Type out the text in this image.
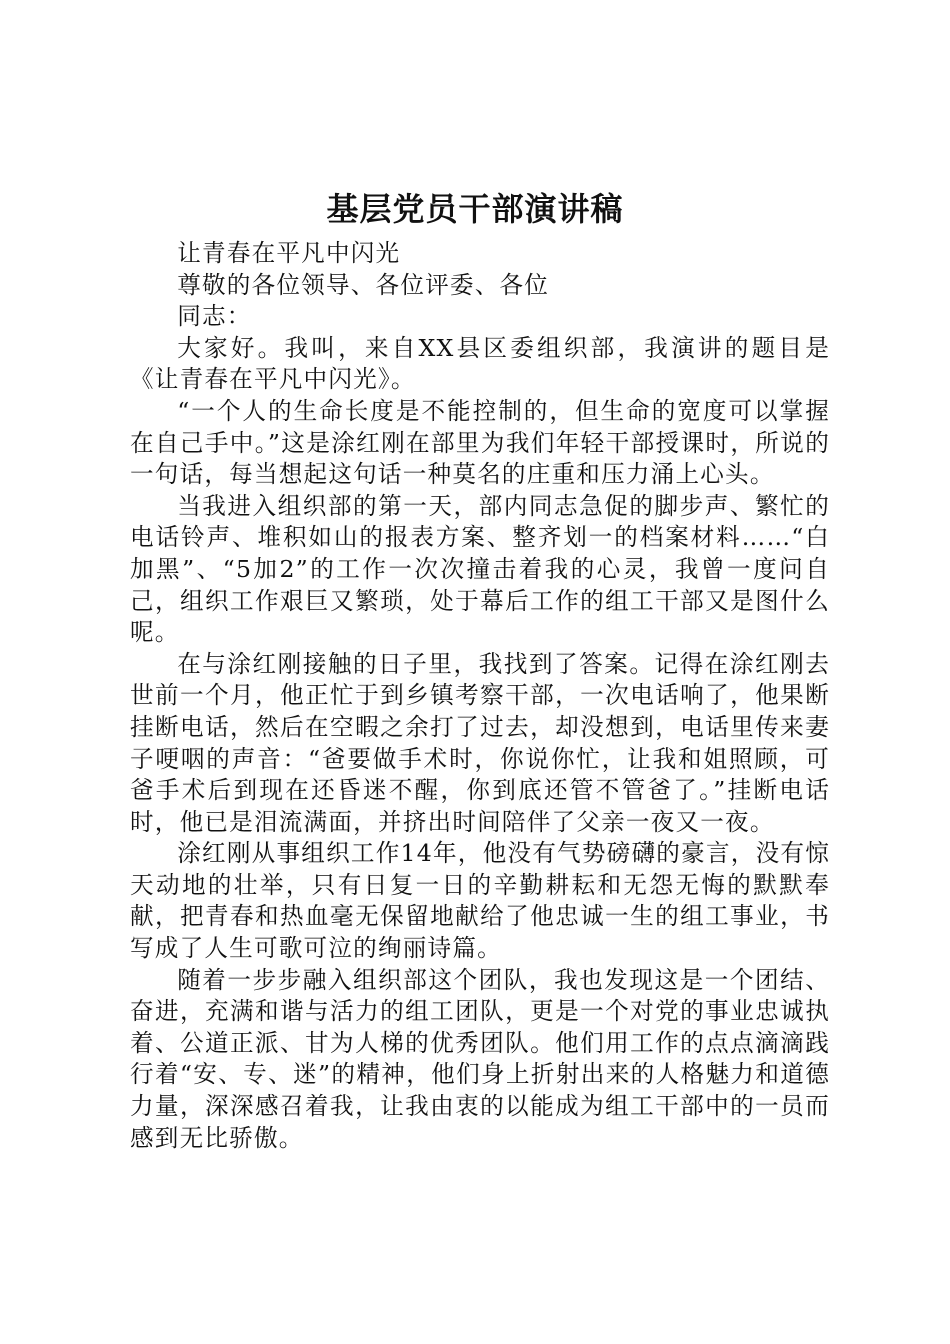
基层党员干部演讲稿

让青春在平凡中闪光

尊敬的各位领导、各位评委、各位

同志：

大家好。我叫，来自XX县区委组织部，我演讲的题目是《让青春在平凡中闪光》。

“一个人的生命长度是不能控制的，但生命的宽度可以掌握在自己手中。”这是涂红刚在部里为我们年轻干部授课时，所说的一句话，每当想起这句话一种莫名的庄重和压力涌上心头。

当我进入组织部的第一天，部内同志急促的脚步声、繁忙的电话铃声、堆积如山的报表方案、整齐划一的档案材料……“白加黑”、“5加2”的工作一次次撞击着我的心灵，我曾一度问自己，组织工作艰巨又繁琐，处于幕后工作的组工干部又是图什么呢。

在与涂红刚接触的日子里，我找到了答案。记得在涂红刚去世前一个月，他正忙于到乡镇考察干部，一次电话响了，他果断挂断电话，然后在空暇之余打了过去，却没想到，电话里传来妻子哽咽的声音：“爸要做手术时，你说你忙，让我和姐照顾，可爸手术后到现在还昏迷不醒，你到底还管不管爸了。”挂断电话时，他已是泪流满面，并挤出时间陪伴了父亲一夜又一夜。

涂红刚从事组织工作14年，他没有气势磅礴的豪言，没有惊天动地的壮举，只有日复一日的辛勤耕耘和无怨无悔的默默奉献，把青春和热血毫无保留地献给了他忠诚一生的组工事业，书写成了人生可歌可泣的绚丽诗篇。

随着一步步融入组织部这个团队，我也发现这是一个团结、奋进，充满和谐与活力的组工团队，更是一个对党的事业忠诚执着、公道正派、甘为人梯的优秀团队。他们用工作的点点滴滴践行着“安、专、迷”的精神，他们身上折射出来的人格魅力和道德力量，深深感召着我，让我由衷的以能成为组工干部中的一员而感到无比骄傲。
